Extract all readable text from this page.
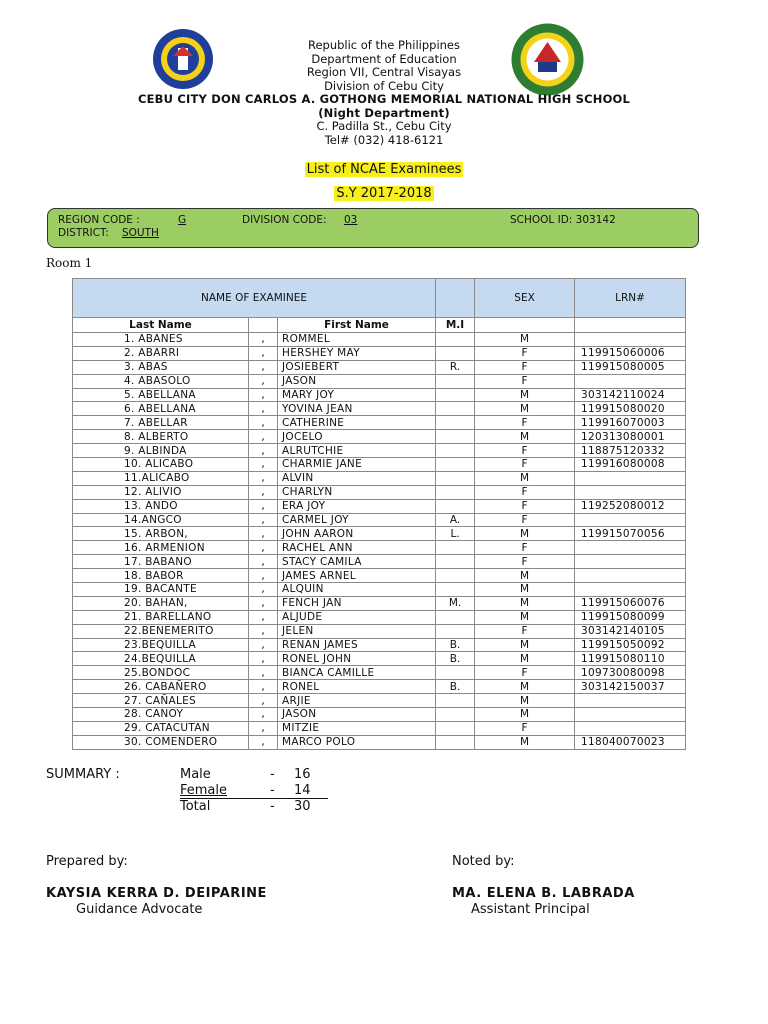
Republic of the Philippines
Department of Education
Region VII, Central Visayas
Division of Cebu City
CEBU CITY DON CARLOS A. GOTHONG MEMORIAL NATIONAL HIGH SCHOOL
(Night Department)
C. Padilla St., Cebu City
Tel# (032) 418-6121
List of NCAE Examinees
S.Y 2017-2018
REGION CODE :	G	DIVISION CODE: 03	SCHOOL ID: 303142
DISTRICT: SOUTH
Room 1
NAME OF EXAMINEE				SEX	LRN#
Last Name		First Name	M.I		
1. ABANES	,	ROMMEL		M	
2. ABARRI	,	HERSHEY MAY		F	119915060006
3. ABAS	,	JOSIEBERT	R.	F	119915080005
4. ABASOLO	,	JASON		F	
5. ABELLANA	,	MARY JOY		M	303142110024
6. ABELLANA	,	YOVINA JEAN		M	119915080020
7. ABELLAR	,	CATHERINE		F	119916070003
8. ALBERTO	,	JOCELO		M	120313080001
9. ALBINDA	,	ALRUTCHIE		F	118875120332
10. ALICABO	,	CHARMIE JANE		F	119916080008
11.ALICABO	,	ALVIN		M	
12. ALIVIO	,	CHARLYN		F	
13. ANDO	,	ERA JOY		F	119252080012
14.ANGCO	,	CARMEL JOY	A.	F	
15. ARBON,	,	JOHN AARON	L.	M	119915070056
16. ARMENION	,	RACHEL ANN		F	
17. BABANO	,	STACY CAMILA		F	
18. BABOR	,	JAMES ARNEL		M	
19. BACANTE	,	ALQUIN		M	
20. BAHAN,	,	FENCH JAN	M.	M	119915060076
21. BARELLANO	,	ALJUDE		M	119915080099
22.BENEMERITO	,	JELEN		F	303142140105
23.BEQUILLA	,	RENAN JAMES	B.	M	119915050092
24.BEQUILLA	,	RONEL JOHN	B.	M	119915080110
25.BONDOC	,	BIANCA CAMILLE		F	109730080098
26. CABAÑERO	,	RONEL	B.	M	303142150037
27. CAÑALES	,	ARJIE		M	
28. CANOY	,	JASON		M	
29. CATACUTAN	,	MITZIE		F	
30. COMENDERO	,	MARCO POLO		M	118040070023
SUMMARY :	Male	- 16
Female	- 14
Total	- 30
Prepared by:
KAYSIA KERRA D. DEIPARINE
Guidance Advocate
Noted by:
MA. ELENA B. LABRADA
Assistant Principal
